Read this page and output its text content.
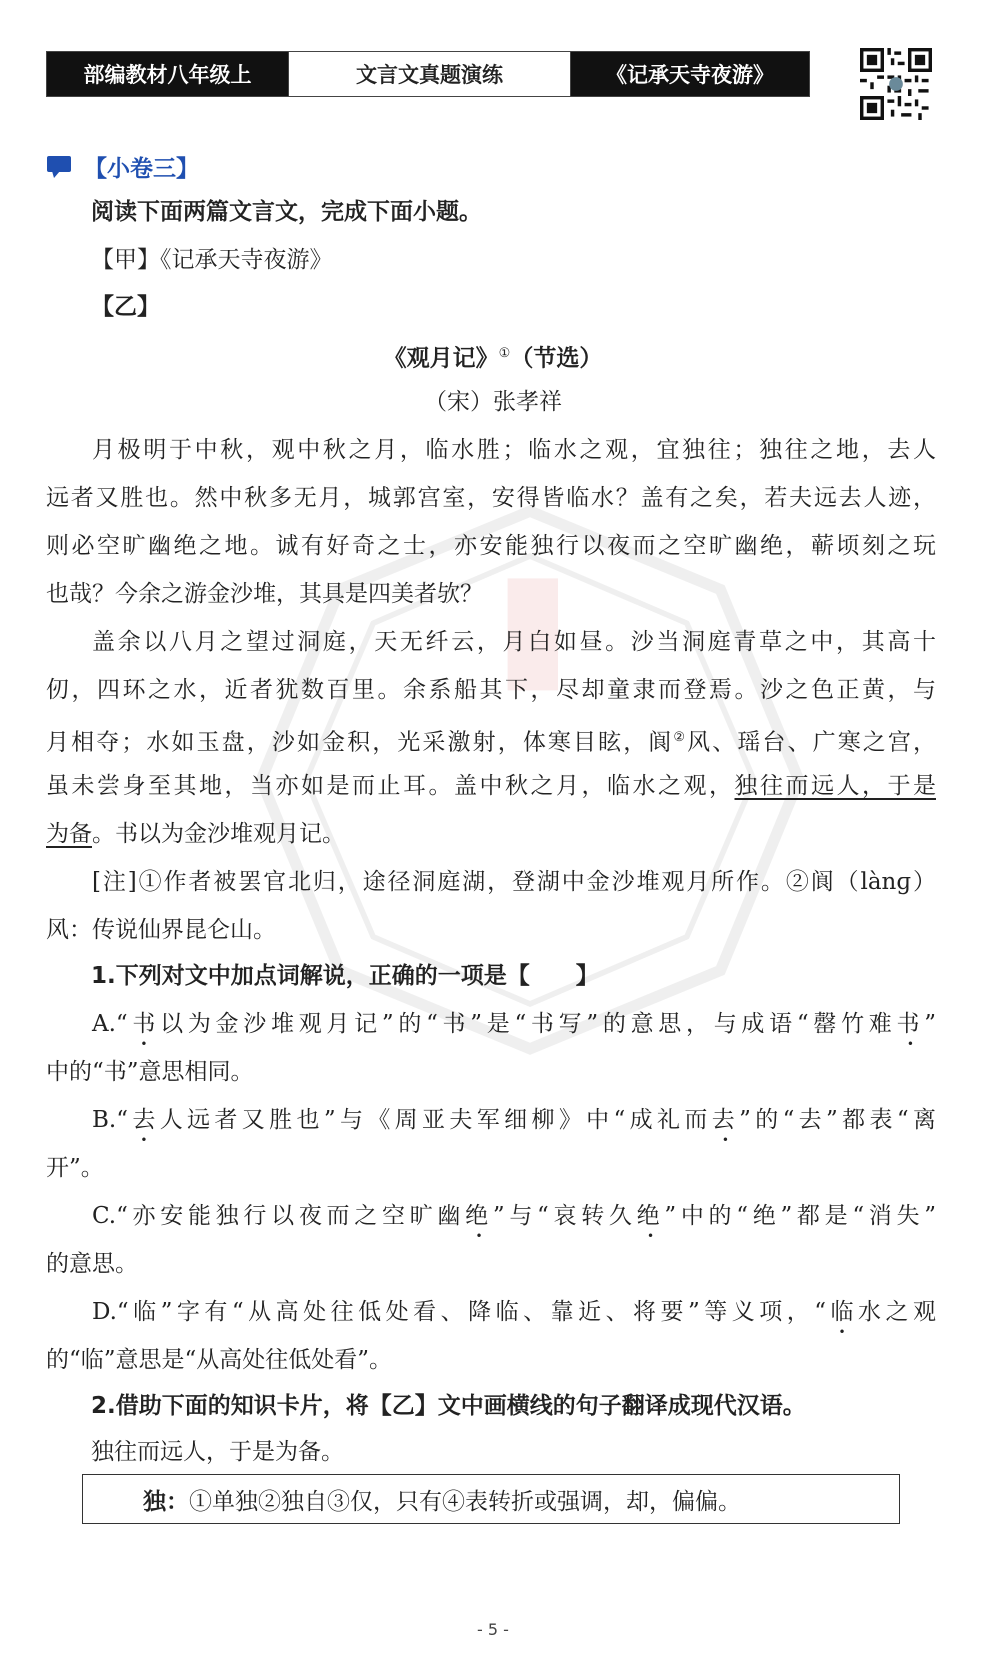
部编教材八年级上	文言文真题演练	《记承天寺夜游》
【小卷三】
阅读下面两篇文言文，完成下面小题。
【甲】《记承天寺夜游》
【乙】
《观月记》①（节选）
（宋）张孝祥
月极明于中秋，观中秋之月，临水胜；临水之观，宜独往；独往之地，去人
远者又胜也。然中秋多无月，城郭宫室，安得皆临水？盖有之矣，若夫远去人迹，
则必空旷幽绝之地。诚有好奇之士，亦安能独行以夜而之空旷幽绝，蕲顷刻之玩
也哉？今余之游金沙堆，其具是四美者欤？
盖余以八月之望过洞庭，天无纤云，月白如昼。沙当洞庭青草之中，其高十
仞，四环之水，近者犹数百里。余系船其下，尽却童隶而登焉。沙之色正黄，与
月相夺；水如玉盘，沙如金积，光采激射，体寒目眩，阆②风、瑶台、广寒之宫，
虽未尝身至其地，当亦如是而止耳。盖中秋之月，临水之观，独往而远人，于是
为备。书以为金沙堆观月记。
[注]①作者被罢官北归，途径洞庭湖，登湖中金沙堆观月所作。②阆（lànɡ）
风：传说仙界昆仑山。
1.下列对文中加点词解说，正确的一项是【　　】
A.“书以为金沙堆观月记”的“书”是“书写”的意思，与成语“罄竹难书”
中的“书”意思相同。
B.“去人远者又胜也”与《周亚夫军细柳》中“成礼而去”的“去”都表“离
开”。
C.“亦安能独行以夜而之空旷幽绝”与“哀转久绝”中的“绝”都是“消失”
的意思。
D.“临”字有“从高处往低处看、降临、靠近、将要”等义项，“临水之观
的“临”意思是“从高处往低处看”。
2.借助下面的知识卡片，将【乙】文中画横线的句子翻译成现代汉语。
独往而远人，于是为备。
独： ①单独②独自③仅，只有④表转折或强调，却，偏偏。
- 5 -
